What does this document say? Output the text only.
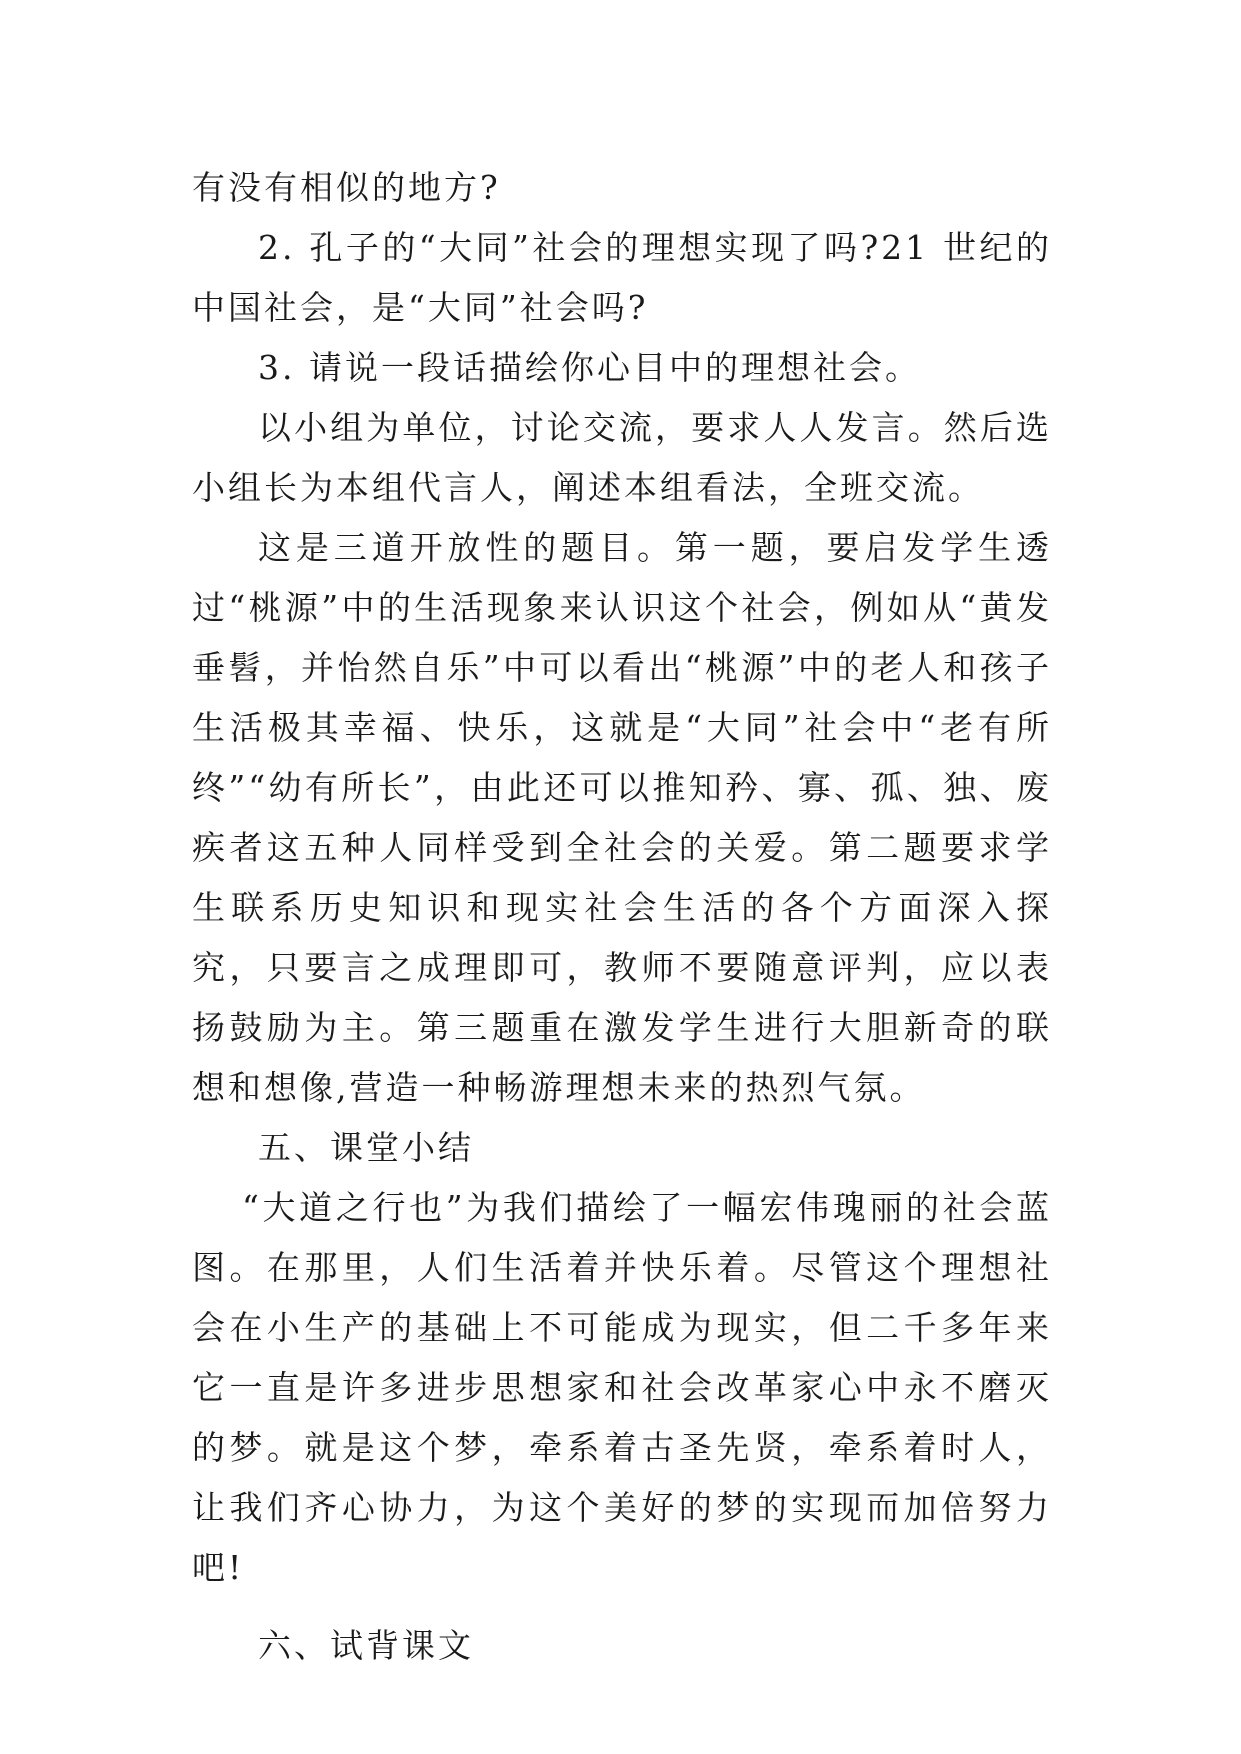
有没有相似的地方?

2. 孔子的“大同”社会的理想实现了吗?21 世纪的中国社会，是“大同”社会吗?

3. 请说一段话描绘你心目中的理想社会。

以小组为单位，讨论交流，要求人人发言。然后选小组长为本组代言人，阐述本组看法，全班交流。

这是三道开放性的题目。第一题，要启发学生透过“桃源”中的生活现象来认识这个社会，例如从“黄发垂髫，并怡然自乐”中可以看出“桃源”中的老人和孩子生活极其幸福、快乐，这就是“大同”社会中“老有所终”“幼有所长”，由此还可以推知矜、寡、孤、独、废疾者这五种人同样受到全社会的关爱。第二题要求学生联系历史知识和现实社会生活的各个方面深入探究，只要言之成理即可，教师不要随意评判，应以表扬鼓励为主。第三题重在激发学生进行大胆新奇的联想和想像,营造一种畅游理想未来的热烈气氛。

五、课堂小结

“大道之行也”为我们描绘了一幅宏伟瑰丽的社会蓝图。在那里，人们生活着并快乐着。尽管这个理想社会在小生产的基础上不可能成为现实，但二千多年来它一直是许多进步思想家和社会改革家心中永不磨灭的梦。就是这个梦，牵系着古圣先贤，牵系着时人，让我们齐心协力，为这个美好的梦的实现而加倍努力吧!

六、试背课文
